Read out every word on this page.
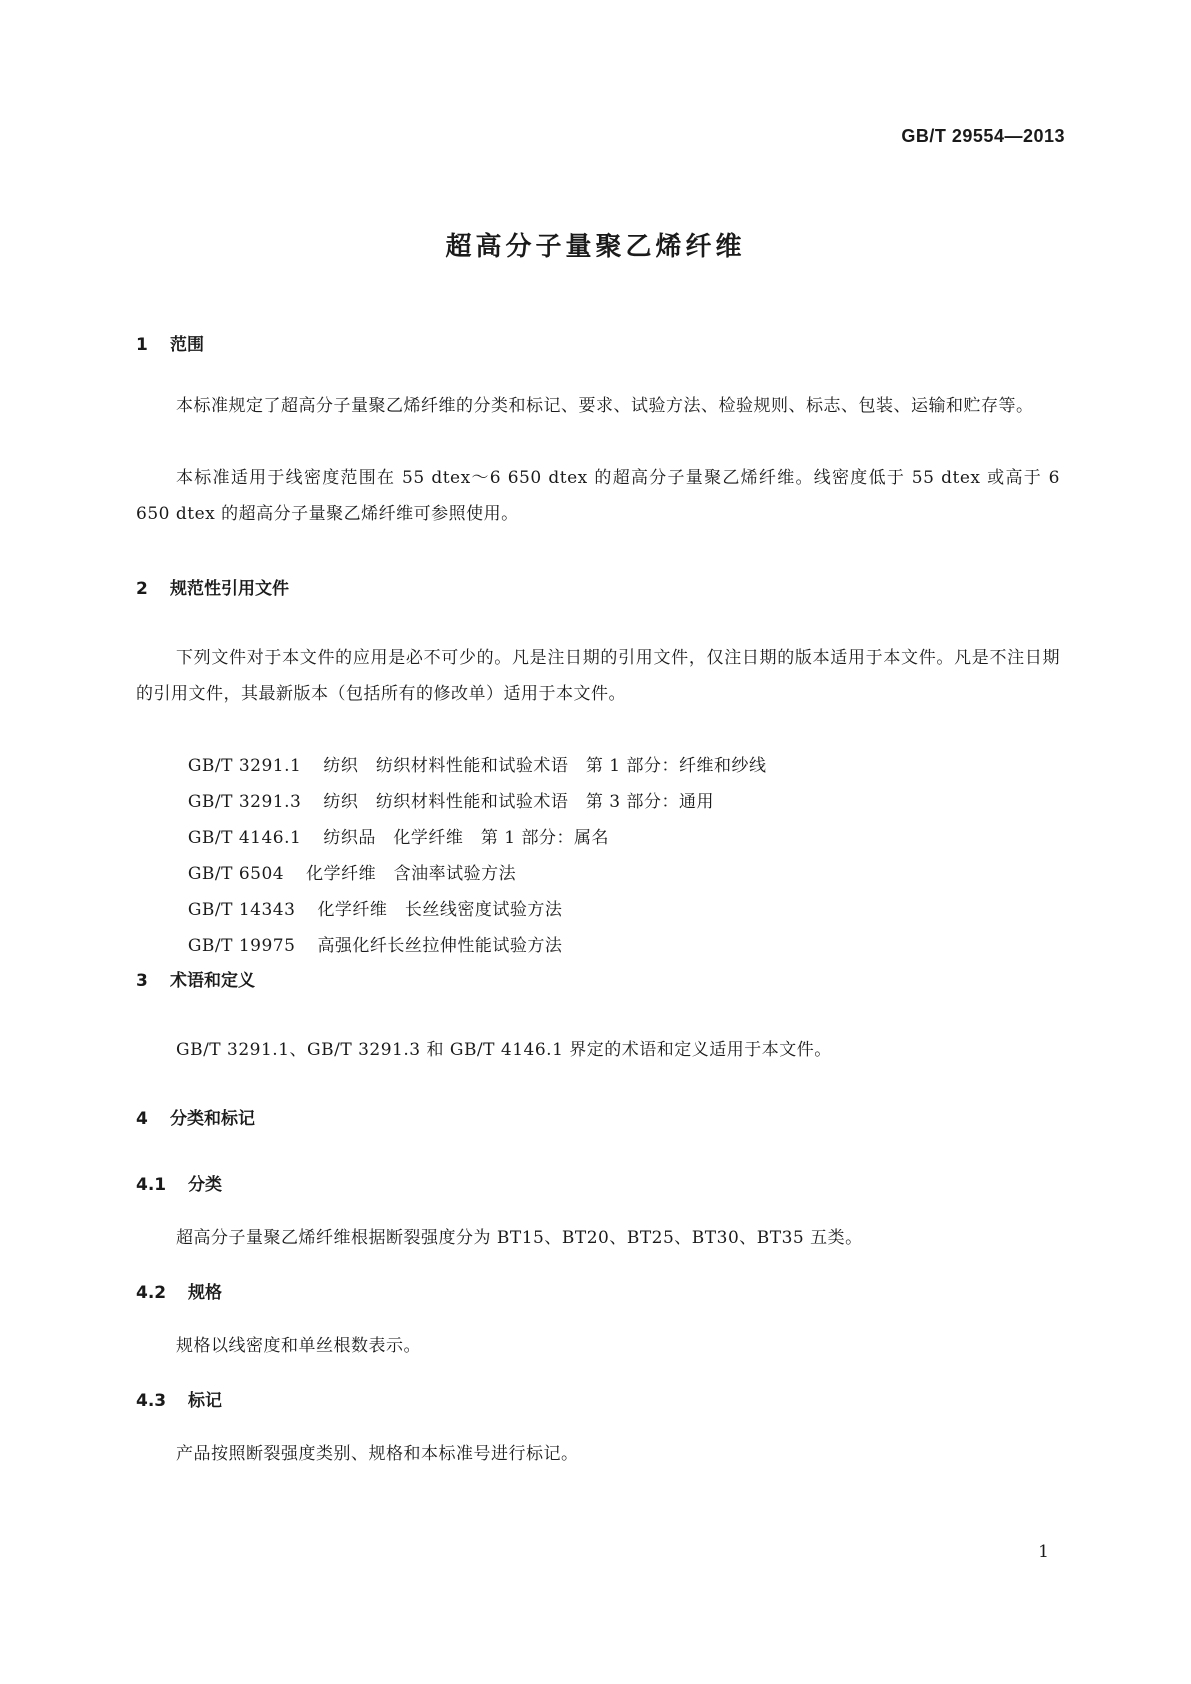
GB/T 29554—2013
超高分子量聚乙烯纤维
1 范围
本标准规定了超高分子量聚乙烯纤维的分类和标记、要求、试验方法、检验规则、标志、包装、运输和贮存等。
本标准适用于线密度范围在 55 dtex～6 650 dtex 的超高分子量聚乙烯纤维。线密度低于 55 dtex 或高于 6 650 dtex 的超高分子量聚乙烯纤维可参照使用。
2 规范性引用文件
下列文件对于本文件的应用是必不可少的。凡是注日期的引用文件，仅注日期的版本适用于本文件。凡是不注日期的引用文件，其最新版本（包括所有的修改单）适用于本文件。

GB/T 3291.1 纺织　纺织材料性能和试验术语　第 1 部分：纤维和纱线

GB/T 3291.3 纺织　纺织材料性能和试验术语　第 3 部分：通用

GB/T 4146.1 纺织品　化学纤维　第 1 部分：属名

GB/T 6504 化学纤维　含油率试验方法

GB/T 14343 化学纤维　长丝线密度试验方法

GB/T 19975 高强化纤长丝拉伸性能试验方法

3 术语和定义
GB/T 3291.1、GB/T 3291.3 和 GB/T 4146.1 界定的术语和定义适用于本文件。
4 分类和标记
4.1 分类
超高分子量聚乙烯纤维根据断裂强度分为 BT15、BT20、BT25、BT30、BT35 五类。
4.2 规格
规格以线密度和单丝根数表示。
4.3 标记
产品按照断裂强度类别、规格和本标准号进行标记。
1
